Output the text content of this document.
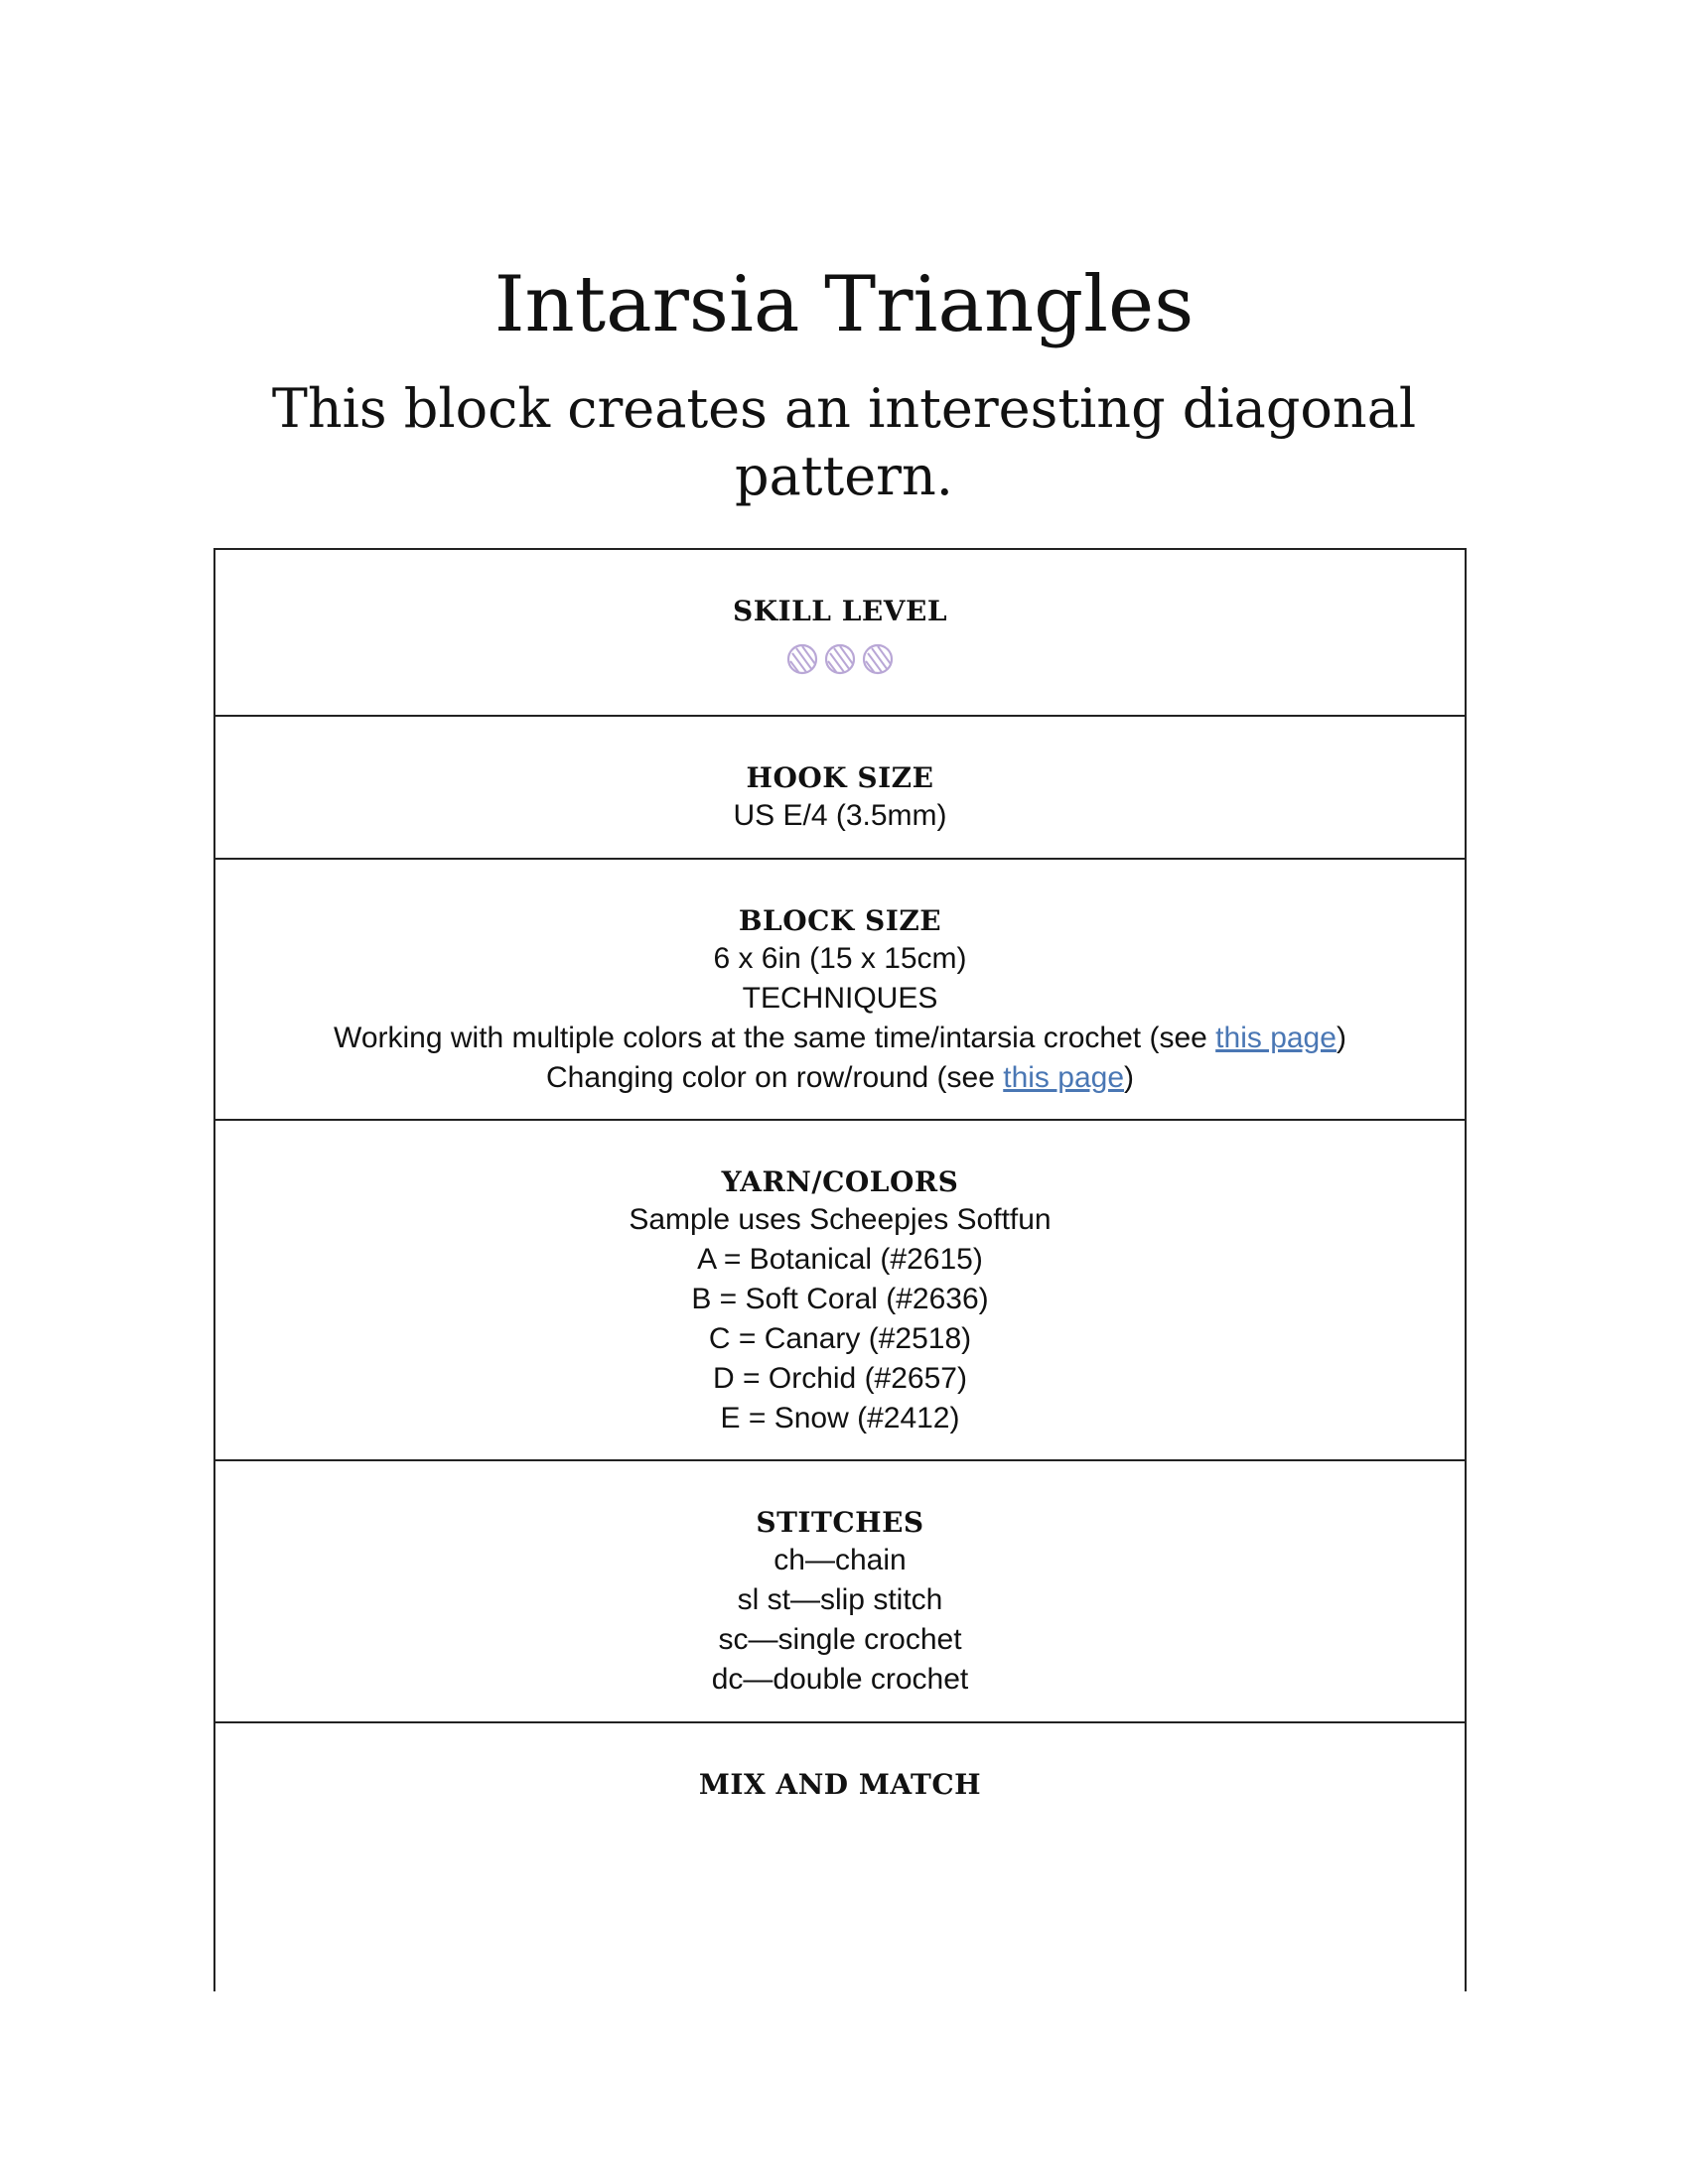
Intarsia Triangles
This block creates an interesting diagonal pattern.

SKILL LEVEL

HOOK SIZE

US E/4 (3.5mm)

BLOCK SIZE

6 x 6in (15 x 15cm)

TECHNIQUES

Working with multiple colors at the same time/intarsia crochet (see this page)

Changing color on row/round (see this page)

YARN/COLORS

Sample uses Scheepjes Softfun

A = Botanical (#2615)

B = Soft Coral (#2636)

C = Canary (#2518)

D = Orchid (#2657)

E = Snow (#2412)

STITCHES

ch—chain

sl st—slip stitch

sc—single crochet

dc—double crochet

MIX AND MATCH
